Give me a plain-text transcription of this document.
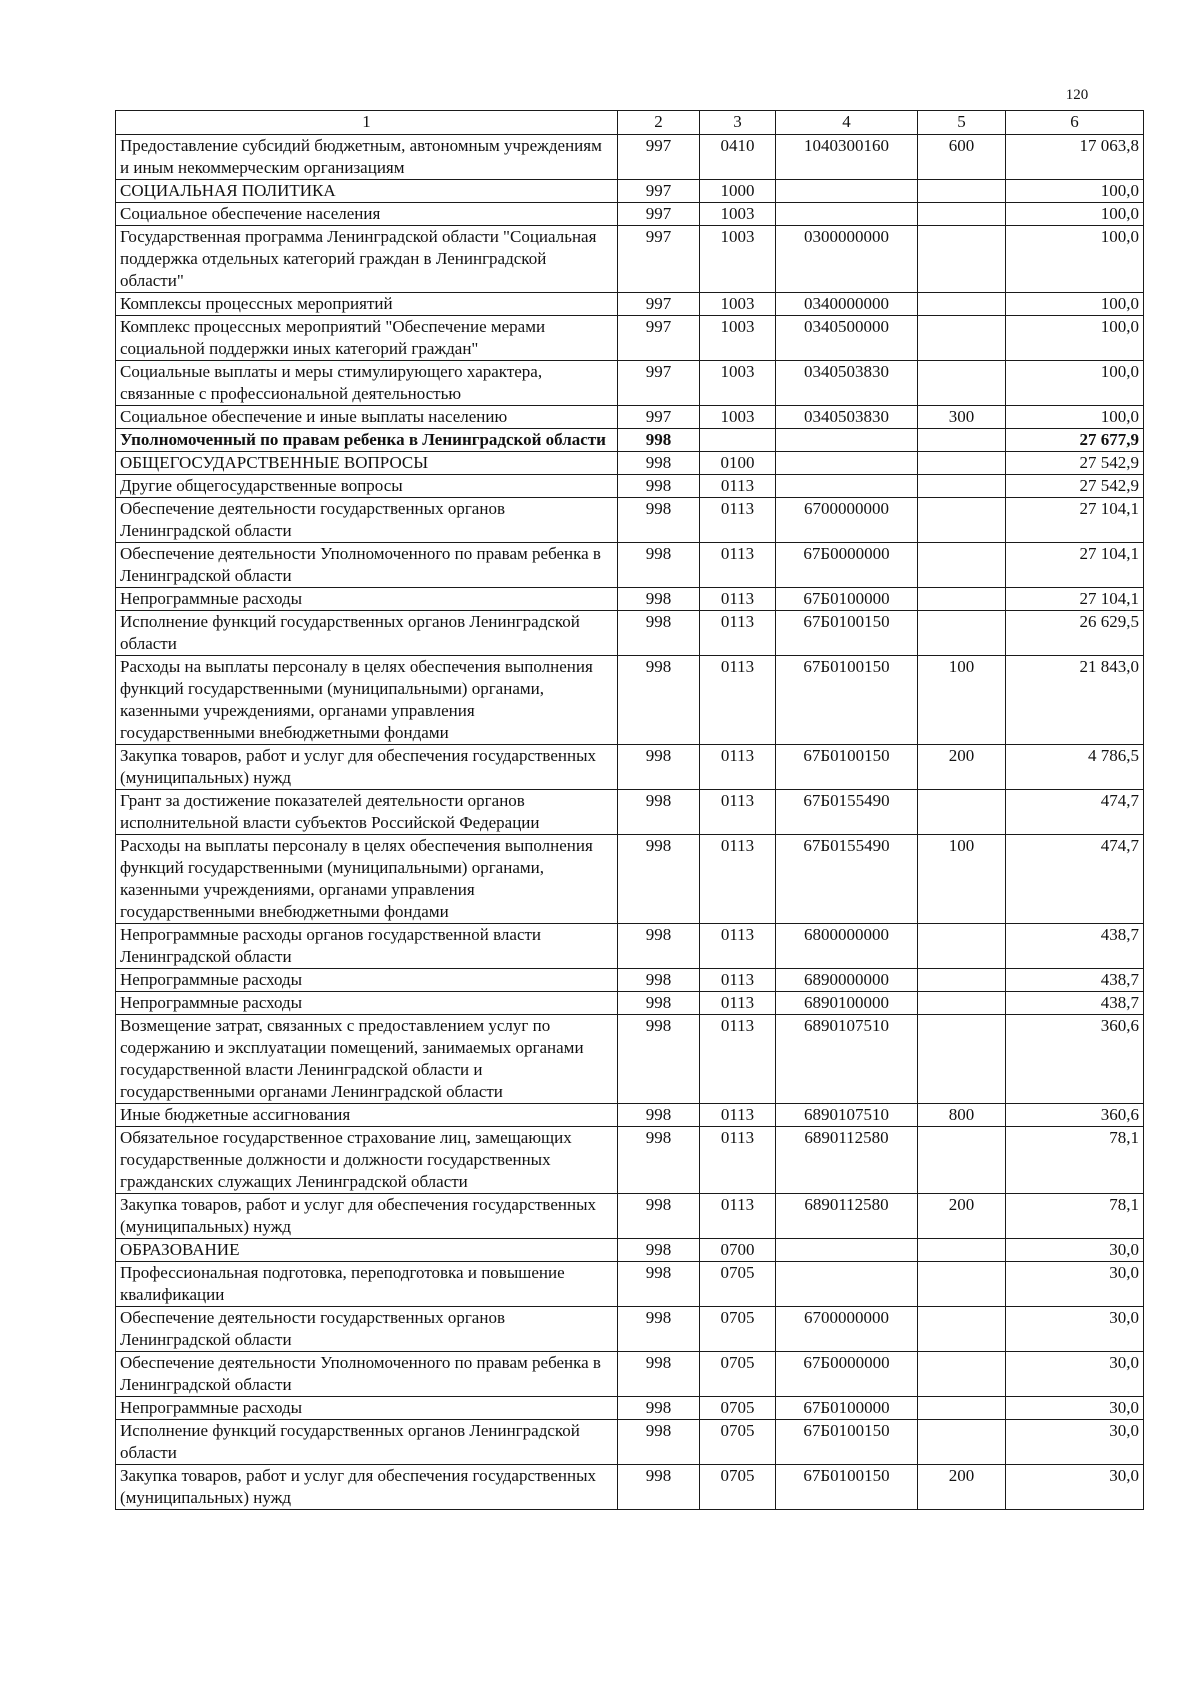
120
1	2	3	4	5	6
Предоставление субсидий бюджетным, автономным учреждениям и иным некоммерческим организациям	997	0410	1040300160	600	17 063,8
СОЦИАЛЬНАЯ ПОЛИТИКА	997	1000			100,0
Социальное обеспечение населения	997	1003			100,0
Государственная программа Ленинградской области "Социальная поддержка отдельных категорий граждан в Ленинградской области"	997	1003	0300000000		100,0
Комплексы процессных мероприятий	997	1003	0340000000		100,0
Комплекс процессных мероприятий "Обеспечение мерами социальной поддержки иных категорий граждан"	997	1003	0340500000		100,0
Социальные выплаты и меры стимулирующего характера, связанные с профессиональной деятельностью	997	1003	0340503830		100,0
Социальное обеспечение и иные выплаты населению	997	1003	0340503830	300	100,0
Уполномоченный по правам ребенка в Ленинградской области	998				27 677,9
ОБЩЕГОСУДАРСТВЕННЫЕ ВОПРОСЫ	998	0100			27 542,9
Другие общегосударственные вопросы	998	0113			27 542,9
Обеспечение деятельности государственных органов Ленинградской области	998	0113	6700000000		27 104,1
Обеспечение деятельности Уполномоченного по правам ребенка в Ленинградской области	998	0113	67Б0000000		27 104,1
Непрограммные расходы	998	0113	67Б0100000		27 104,1
Исполнение функций государственных органов Ленинградской области	998	0113	67Б0100150		26 629,5
Расходы на выплаты персоналу в целях обеспечения выполнения функций государственными (муниципальными) органами, казенными учреждениями, органами управления государственными внебюджетными фондами	998	0113	67Б0100150	100	21 843,0
Закупка товаров, работ и услуг для обеспечения государственных (муниципальных) нужд	998	0113	67Б0100150	200	4 786,5
Грант за достижение показателей деятельности органов исполнительной власти субъектов Российской Федерации	998	0113	67Б0155490		474,7
Расходы на выплаты персоналу в целях обеспечения выполнения функций государственными (муниципальными) органами, казенными учреждениями, органами управления государственными внебюджетными фондами	998	0113	67Б0155490	100	474,7
Непрограммные расходы органов государственной власти Ленинградской области	998	0113	6800000000		438,7
Непрограммные расходы	998	0113	6890000000		438,7
Непрограммные расходы	998	0113	6890100000		438,7
Возмещение затрат, связанных с предоставлением услуг по содержанию и эксплуатации помещений, занимаемых органами государственной власти Ленинградской области и государственными органами Ленинградской области	998	0113	6890107510		360,6
Иные бюджетные ассигнования	998	0113	6890107510	800	360,6
Обязательное государственное страхование лиц, замещающих государственные должности и должности государственных гражданских служащих Ленинградской области	998	0113	6890112580		78,1
Закупка товаров, работ и услуг для обеспечения государственных (муниципальных) нужд	998	0113	6890112580	200	78,1
ОБРАЗОВАНИЕ	998	0700			30,0
Профессиональная подготовка, переподготовка и повышение квалификации	998	0705			30,0
Обеспечение деятельности государственных органов Ленинградской области	998	0705	6700000000		30,0
Обеспечение деятельности Уполномоченного по правам ребенка в Ленинградской области	998	0705	67Б0000000		30,0
Непрограммные расходы	998	0705	67Б0100000		30,0
Исполнение функций государственных органов Ленинградской области	998	0705	67Б0100150		30,0
Закупка товаров, работ и услуг для обеспечения государственных (муниципальных) нужд	998	0705	67Б0100150	200	30,0
